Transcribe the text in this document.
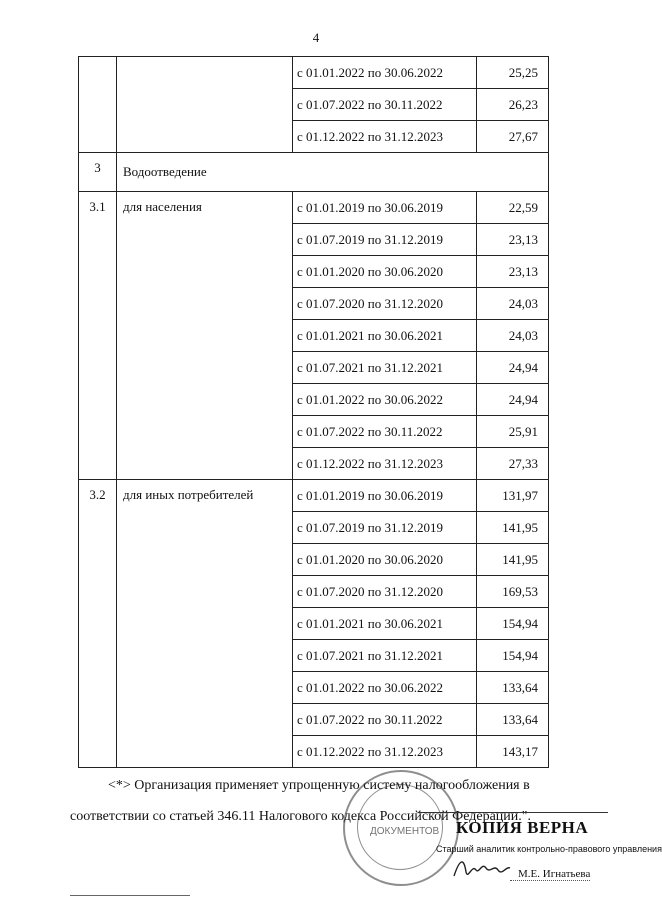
4
		с 01.01.2022 по 30.06.2022	25,25
		с 01.07.2022 по 30.11.2022	26,23
		с 01.12.2022 по 31.12.2023	27,67
3	Водоотведение		
3.1	для населения	с 01.01.2019 по 30.06.2019	22,59
		с 01.07.2019 по 31.12.2019	23,13
		с 01.01.2020 по 30.06.2020	23,13
		с 01.07.2020 по 31.12.2020	24,03
		с 01.01.2021 по 30.06.2021	24,03
		с 01.07.2021 по 31.12.2021	24,94
		с 01.01.2022 по 30.06.2022	24,94
		с 01.07.2022 по 30.11.2022	25,91
		с 01.12.2022 по 31.12.2023	27,33
3.2	для иных потребителей	с 01.01.2019 по 30.06.2019	131,97
		с 01.07.2019 по 31.12.2019	141,95
		с 01.01.2020 по 30.06.2020	141,95
		с 01.07.2020 по 31.12.2020	169,53
		с 01.01.2021 по 30.06.2021	154,94
		с 01.07.2021 по 31.12.2021	154,94
		с 01.01.2022 по 30.06.2022	133,64
		с 01.07.2022 по 30.11.2022	133,64
		с 01.12.2022 по 31.12.2023	143,17
<*> Организация применяет упрощенную систему налогообложения в
соответствии со статьей 346.11 Налогового кодекса Российской Федерации.".
ДОКУМЕНТОВ КОПИЯ ВЕРНА
Старший аналитик контрольно-правового управления
М.Е. Игнатьева
